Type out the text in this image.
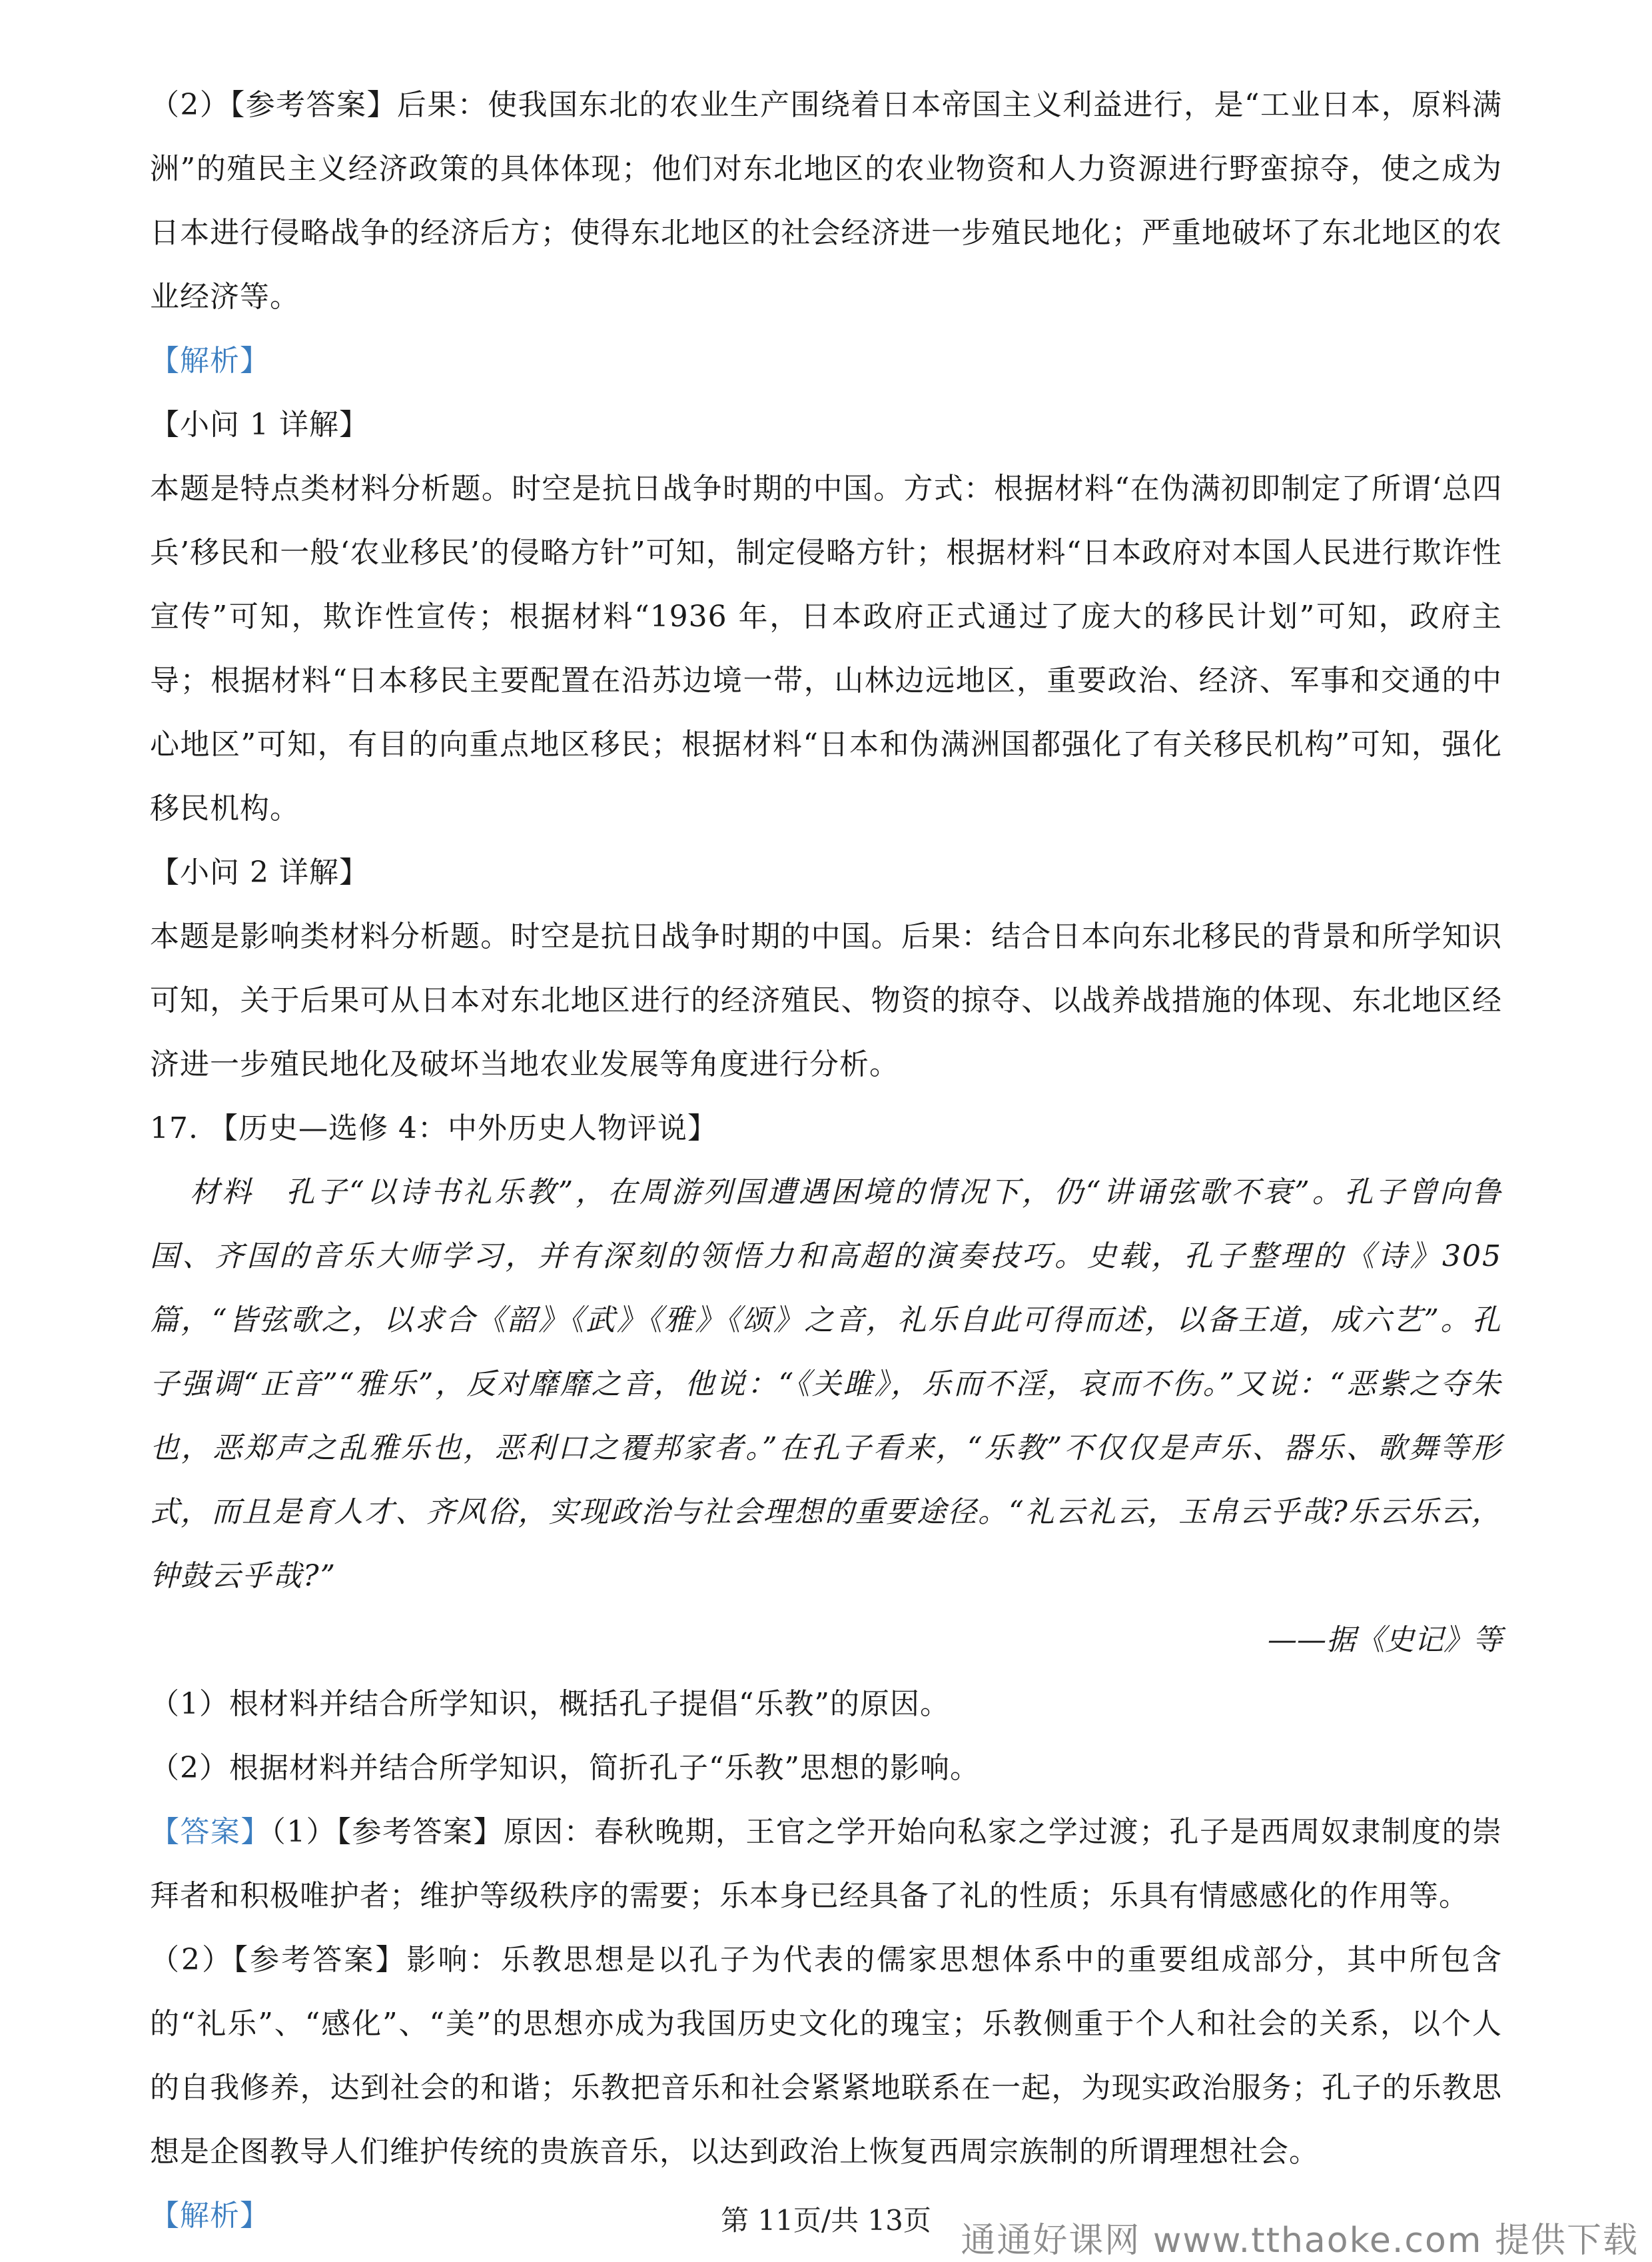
（2）【参考答案】后果：使我国东北的农业生产围绕着日本帝国主义利益进行，是“工业日本，原料满洲”的殖民主义经济政策的具体体现；他们对东北地区的农业物资和人力资源进行野蛮掠夺，使之成为日本进行侵略战争的经济后方；使得东北地区的社会经济进一步殖民地化；严重地破坏了东北地区的农业经济等。

【解析】

【小问 1 详解】

本题是特点类材料分析题。时空是抗日战争时期的中国。方式：根据材料“在伪满初即制定了所谓‘总四兵’移民和一般‘农业移民’的侵略方针”可知，制定侵略方针；根据材料“日本政府对本国人民进行欺诈性宣传”可知，欺诈性宣传；根据材料“1936 年，日本政府正式通过了庞大的移民计划”可知，政府主导；根据材料“日本移民主要配置在沿苏边境一带，山林边远地区，重要政治、经济、军事和交通的中心地区”可知，有目的向重点地区移民；根据材料“日本和伪满洲国都强化了有关移民机构”可知，强化移民机构。

【小问 2 详解】

本题是影响类材料分析题。时空是抗日战争时期的中国。后果：结合日本向东北移民的背景和所学知识可知，关于后果可从日本对东北地区进行的经济殖民、物资的掠夺、以战养战措施的体现、东北地区经济进一步殖民地化及破坏当地农业发展等角度进行分析。

17. 【历史—选修 4：中外历史人物评说】

材料　孔子“以诗书礼乐教”，在周游列国遭遇困境的情况下，仍“讲诵弦歌不衰”。孔子曾向鲁国、齐国的音乐大师学习，并有深刻的领悟力和高超的演奏技巧。史载，孔子整理的《诗》305 篇，“皆弦歌之，以求合《韶》《武》《雅》《颂》之音，礼乐自此可得而述，以备王道，成六艺”。孔子强调“正音”“雅乐”，反对靡靡之音，他说：“《关雎》，乐而不淫，哀而不伤。”又说：“恶紫之夺朱也，恶郑声之乱雅乐也，恶利口之覆邦家者。”在孔子看来，“乐教”不仅仅是声乐、器乐、歌舞等形式，而且是育人才、齐风俗，实现政治与社会理想的重要途径。“礼云礼云，玉帛云乎哉?乐云乐云，钟鼓云乎哉?”

——据《史记》等

（1）根材料并结合所学知识，概括孔子提倡“乐教”的原因。

（2）根据材料并结合所学知识，简折孔子“乐教”思想的影响。

【答案】（1）【参考答案】原因：春秋晚期，王官之学开始向私家之学过渡；孔子是西周奴隶制度的崇拜者和积极唯护者；维护等级秩序的需要；乐本身已经具备了礼的性质；乐具有情感感化的作用等。

（2）【参考答案】影响：乐教思想是以孔子为代表的儒家思想体系中的重要组成部分，其中所包含的“礼乐”、“感化”、“美”的思想亦成为我国历史文化的瑰宝；乐教侧重于个人和社会的关系，以个人的自我修养，达到社会的和谐；乐教把音乐和社会紧紧地联系在一起，为现实政治服务；孔子的乐教思想是企图教导人们维护传统的贵族音乐，以达到政治上恢复西周宗族制的所谓理想社会。

【解析】	第 11页/共 13页
通通好课网 www.tthaoke.com 提供下载
